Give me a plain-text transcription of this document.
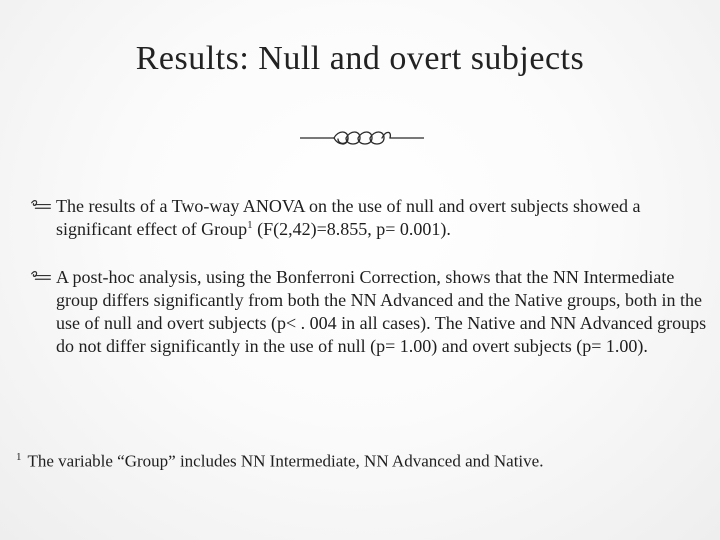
Results: Null and overt subjects
The results of a Two-way ANOVA on the use of null and overt subjects showed a significant effect of Group$^1$ (F(2,42)=8.855, p= 0.001).
A post-hoc analysis, using the Bonferroni Correction, shows that the NN Intermediate group differs significantly from both the NN Advanced and the Native groups, both in the use of null and overt subjects (p< . 004 in all cases). The Native and NN Advanced groups do not differ significantly in the use of null (p= 1.00) and overt subjects (p= 1.00).
$^1$ The variable “Group” includes NN Intermediate, NN Advanced and Native.
